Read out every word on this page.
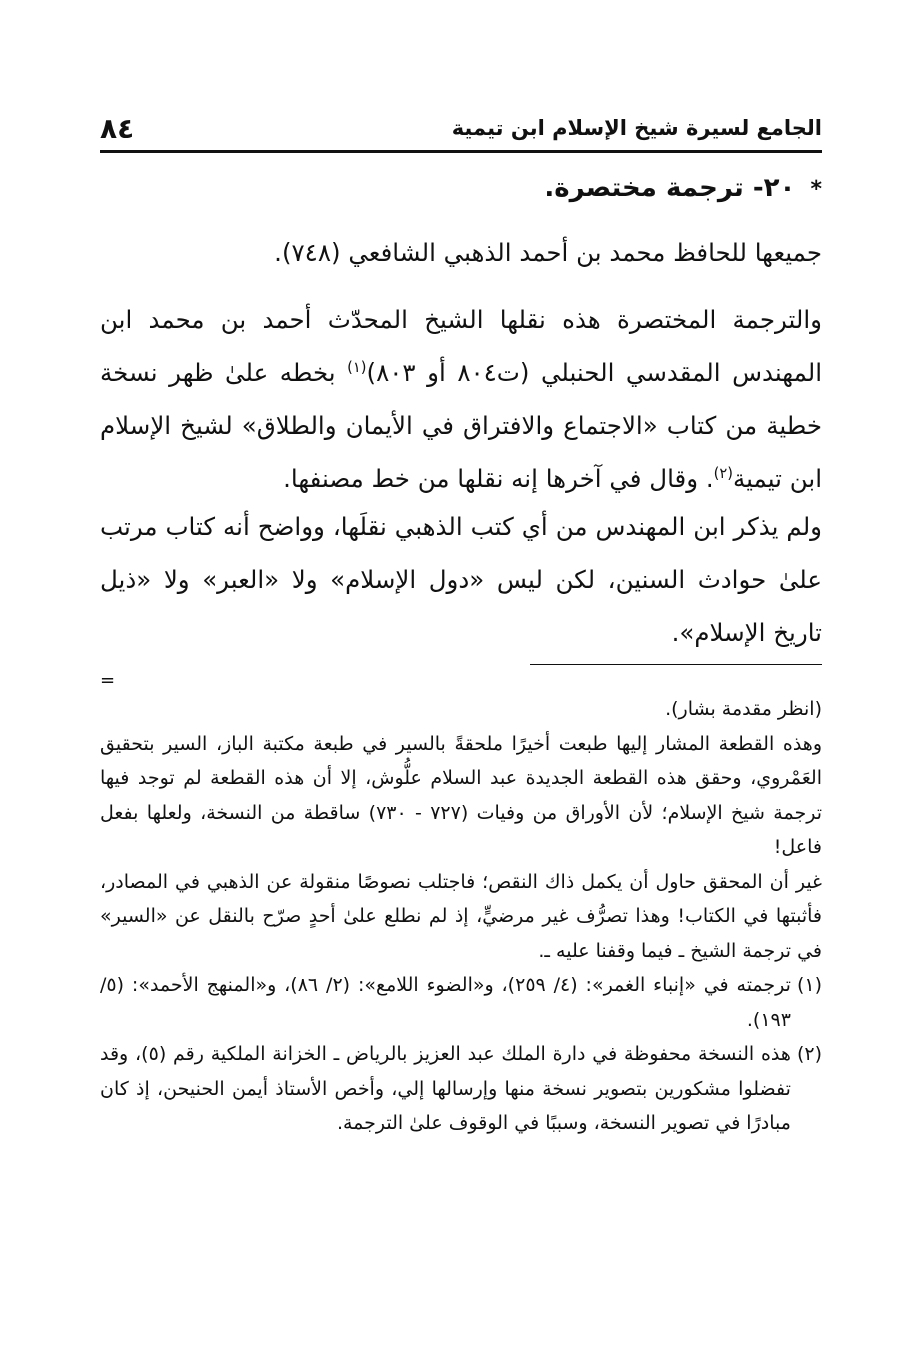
الجامع لسيرة شيخ الإسلام ابن تيمية
٨٤
* ٢٠- ترجمة مختصرة.

جميعها للحافظ محمد بن أحمد الذهبي الشافعي (٧٤٨).

والترجمة المختصرة هذه نقلها الشيخ المحدّث أحمد بن محمد ابن المهندس المقدسي الحنبلي (ت٨٠٤ أو ٨٠٣)$^{(١)}$ بخطه علىٰ ظهر نسخة خطية من كتاب «الاجتماع والافتراق في الأيمان والطلاق» لشيخ الإسلام ابن تيمية$^{(٢)}$. وقال في آخرها إنه نقلها من خط مصنفها.

ولم يذكر ابن المهندس من أي كتب الذهبي نقلَها، وواضح أنه كتاب مرتب علىٰ حوادث السنين، لكن ليس «دول الإسلام» ولا «العبر» ولا «ذيل تاريخ الإسلام».

=

(انظر مقدمة بشار).

وهذه القطعة المشار إليها طبعت أخيرًا ملحقةً بالسير في طبعة مكتبة الباز، السير بتحقيق العَمْروي، وحقق هذه القطعة الجديدة عبد السلام علُّوش، إلا أن هذه القطعة لم توجد فيها ترجمة شيخ الإسلام؛ لأن الأوراق من وفيات (٧٢٧ - ٧٣٠) ساقطة من النسخة، ولعلها بفعل فاعل!

غير أن المحقق حاول أن يكمل ذاك النقص؛ فاجتلب نصوصًا منقولة عن الذهبي في المصادر، فأثبتها في الكتاب! وهذا تصرُّف غير مرضيٍّ، إذ لم نطلع علىٰ أحدٍ صرّح بالنقل عن «السير» في ترجمة الشيخ ـ فيما وقفنا عليه ـ.

(١)
ترجمته في «إنباء الغمر»: (٤/ ٢٥٩)، و«الضوء اللامع»: (٢/ ٨٦)، و«المنهج الأحمد»: (٥/ ١٩٣).
(٢)
هذه النسخة محفوظة في دارة الملك عبد العزيز بالرياض ـ الخزانة الملكية رقم (٥)، وقد تفضلوا مشكورين بتصوير نسخة منها وإرسالها إلي، وأخص الأستاذ أيمن الحنيحن، إذ كان مبادرًا في تصوير النسخة، وسببًا في الوقوف علىٰ الترجمة.
